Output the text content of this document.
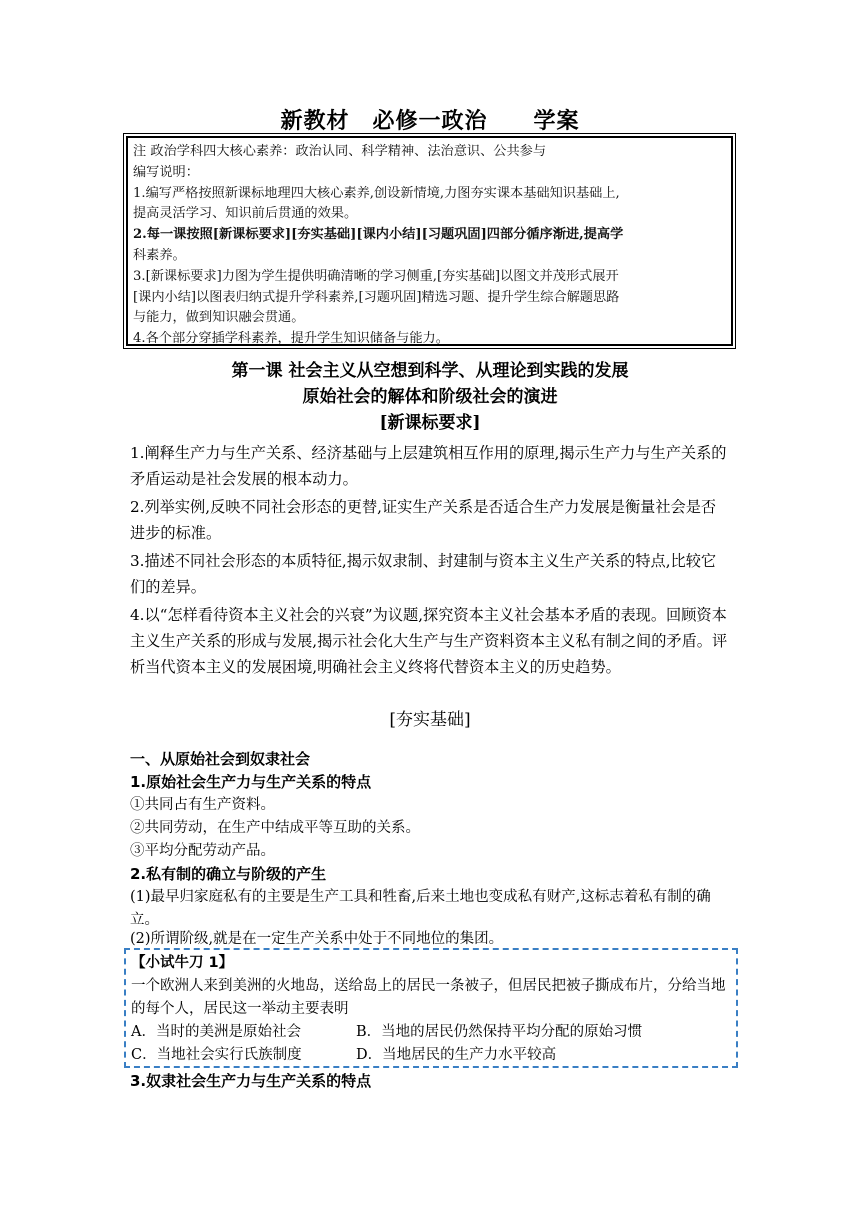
新教材　必修一政治　　学案
注 政治学科四大核心素养：政治认同、科学精神、法治意识、公共参与
编写说明：
1.编写严格按照新课标地理四大核心素养,创设新情境,力图夯实课本基础知识基础上,
提高灵活学习、知识前后贯通的效果。
2.每一课按照[新课标要求][夯实基础][课内小结][习题巩固]四部分循序渐进,提高学
科素养。
3.[新课标要求]力图为学生提供明确清晰的学习侧重,[夯实基础]以图文并茂形式展开
[课内小结]以图表归纳式提升学科素养,[习题巩固]精选习题、提升学生综合解题思路
与能力，做到知识融会贯通。
4.各个部分穿插学科素养，提升学生知识储备与能力。
第一课 社会主义从空想到科学、从理论到实践的发展
原始社会的解体和阶级社会的演进
[新课标要求]
1.阐释生产力与生产关系、经济基础与上层建筑相互作用的原理,揭示生产力与生产关系的矛盾运动是社会发展的根本动力。
2.列举实例,反映不同社会形态的更替,证实生产关系是否适合生产力发展是衡量社会是否进步的标准。
3.描述不同社会形态的本质特征,揭示奴隶制、封建制与资本主义生产关系的特点,比较它们的差异。
4.以“怎样看待资本主义社会的兴衰”为议题,探究资本主义社会基本矛盾的表现。回顾资本主义生产关系的形成与发展,揭示社会化大生产与生产资料资本主义私有制之间的矛盾。评析当代资本主义的发展困境,明确社会主义终将代替资本主义的历史趋势。
[夯实基础]
一、从原始社会到奴隶社会
1.原始社会生产力与生产关系的特点
①共同占有生产资料。
②共同劳动，在生产中结成平等互助的关系。
③平均分配劳动产品。
2.私有制的确立与阶级的产生
(1)最早归家庭私有的主要是生产工具和牲畜,后来土地也变成私有财产,这标志着私有制的确立。
(2)所谓阶级,就是在一定生产关系中处于不同地位的集团。
【小试牛刀 1】
一个欧洲人来到美洲的火地岛，送给岛上的居民一条被子，但居民把被子撕成布片，分给当地的每个人，居民这一举动主要表明
A．当时的美洲是原始社会	B．当地的居民仍然保持平均分配的原始习惯
C．当地社会实行氏族制度	D．当地居民的生产力水平较高
3.奴隶社会生产力与生产关系的特点
